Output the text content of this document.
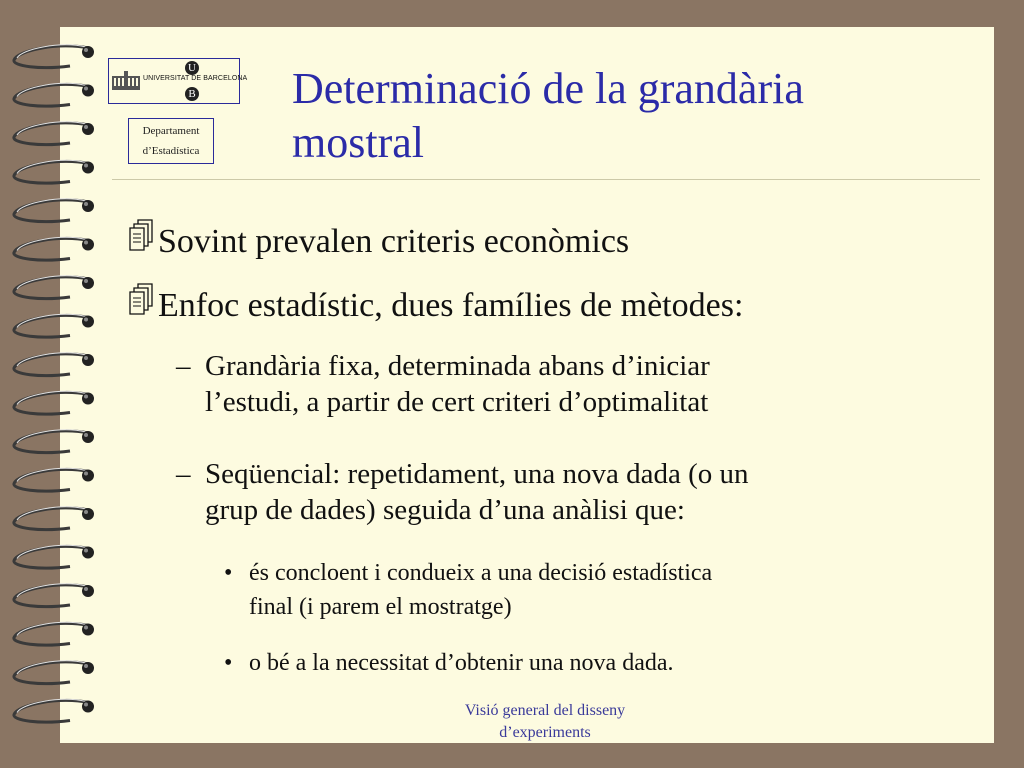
U
UNIVERSITAT DE BARCELONA
B
Departament
d’Estadística
Determinació de la grandària
mostral
Sovint prevalen criteris econòmics
Enfoc estadístic, dues famílies de mètodes:
– Grandària fixa, determinada abans d’iniciar
l’estudi, a partir de cert criteri d’optimalitat
– Seqüencial: repetidament, una nova dada (o un
grup de dades) seguida d’una anàlisi que:
• és concloent i condueix a una decisió estadística
final (i parem el mostratge)
• o bé a la necessitat d’obtenir una nova dada.
Visió general del disseny
d’experiments
